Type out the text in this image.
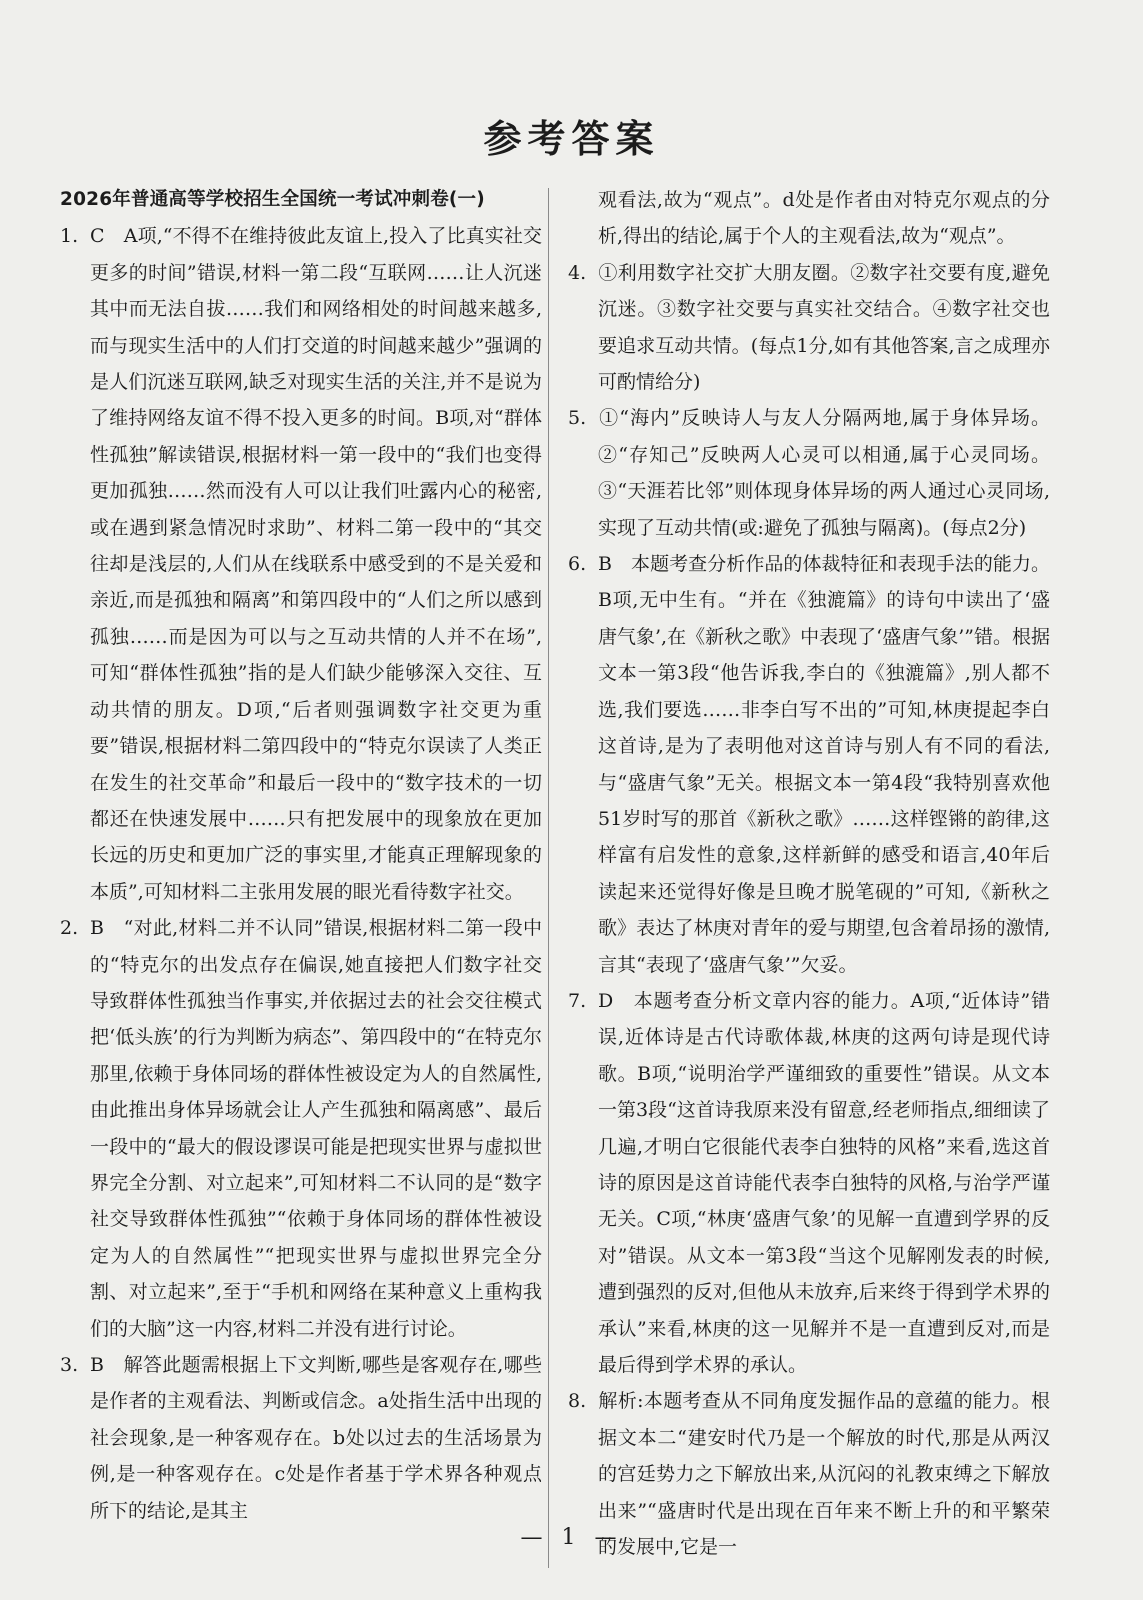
参考答案
2026年普通高等学校招生全国统一考试冲刺卷(一)

1. C　A项,“不得不在维持彼此友谊上,投入了比真实社交更多的时间”错误,材料一第二段“互联网……让人沉迷其中而无法自拔……我们和网络相处的时间越来越多,而与现实生活中的人们打交道的时间越来越少”强调的是人们沉迷互联网,缺乏对现实生活的关注,并不是说为了维持网络友谊不得不投入更多的时间。B项,对“群体性孤独”解读错误,根据材料一第一段中的“我们也变得更加孤独……然而没有人可以让我们吐露内心的秘密,或在遇到紧急情况时求助”、材料二第一段中的“其交往却是浅层的,人们从在线联系中感受到的不是关爱和亲近,而是孤独和隔离”和第四段中的“人们之所以感到孤独……而是因为可以与之互动共情的人并不在场”,可知“群体性孤独”指的是人们缺少能够深入交往、互动共情的朋友。D项,“后者则强调数字社交更为重要”错误,根据材料二第四段中的“特克尔误读了人类正在发生的社交革命”和最后一段中的“数字技术的一切都还在快速发展中……只有把发展中的现象放在更加长远的历史和更加广泛的事实里,才能真正理解现象的本质”,可知材料二主张用发展的眼光看待数字社交。

2. B　“对此,材料二并不认同”错误,根据材料二第一段中的“特克尔的出发点存在偏误,她直接把人们数字社交导致群体性孤独当作事实,并依据过去的社会交往模式把‘低头族’的行为判断为病态”、第四段中的“在特克尔那里,依赖于身体同场的群体性被设定为人的自然属性,由此推出身体异场就会让人产生孤独和隔离感”、最后一段中的“最大的假设谬误可能是把现实世界与虚拟世界完全分割、对立起来”,可知材料二不认同的是“数字社交导致群体性孤独”“依赖于身体同场的群体性被设定为人的自然属性”“把现实世界与虚拟世界完全分割、对立起来”,至于“手机和网络在某种意义上重构我们的大脑”这一内容,材料二并没有进行讨论。

3. B　解答此题需根据上下文判断,哪些是客观存在,哪些是作者的主观看法、判断或信念。a处指生活中出现的社会现象,是一种客观存在。b处以过去的生活场景为例,是一种客观存在。c处是作者基于学术界各种观点所下的结论,是其主

观看法,故为“观点”。d处是作者由对特克尔观点的分析,得出的结论,属于个人的主观看法,故为“观点”。

4. ①利用数字社交扩大朋友圈。②数字社交要有度,避免沉迷。③数字社交要与真实社交结合。④数字社交也要追求互动共情。(每点1分,如有其他答案,言之成理亦可酌情给分)

5. ①“海内”反映诗人与友人分隔两地,属于身体异场。②“存知己”反映两人心灵可以相通,属于心灵同场。③“天涯若比邻”则体现身体异场的两人通过心灵同场,实现了互动共情(或:避免了孤独与隔离)。(每点2分)

6. B　本题考查分析作品的体裁特征和表现手法的能力。B项,无中生有。“并在《独漉篇》的诗句中读出了‘盛唐气象’,在《新秋之歌》中表现了‘盛唐气象’”错。根据文本一第3段“他告诉我,李白的《独漉篇》,别人都不选,我们要选……非李白写不出的”可知,林庚提起李白这首诗,是为了表明他对这首诗与别人有不同的看法,与“盛唐气象”无关。根据文本一第4段“我特别喜欢他51岁时写的那首《新秋之歌》……这样铿锵的韵律,这样富有启发性的意象,这样新鲜的感受和语言,40年后读起来还觉得好像是旦晚才脱笔砚的”可知,《新秋之歌》表达了林庚对青年的爱与期望,包含着昂扬的激情,言其“表现了‘盛唐气象’”欠妥。

7. D　本题考查分析文章内容的能力。A项,“近体诗”错误,近体诗是古代诗歌体裁,林庚的这两句诗是现代诗歌。B项,“说明治学严谨细致的重要性”错误。从文本一第3段“这首诗我原来没有留意,经老师指点,细细读了几遍,才明白它很能代表李白独特的风格”来看,选这首诗的原因是这首诗能代表李白独特的风格,与治学严谨无关。C项,“林庚‘盛唐气象’的见解一直遭到学界的反对”错误。从文本一第3段“当这个见解刚发表的时候,遭到强烈的反对,但他从未放弃,后来终于得到学术界的承认”来看,林庚的这一见解并不是一直遭到反对,而是最后得到学术界的承认。

8. 解析:本题考查从不同角度发掘作品的意蕴的能力。根据文本二“建安时代乃是一个解放的时代,那是从两汉的宫廷势力之下解放出来,从沉闷的礼教束缚之下解放出来”“盛唐时代是出现在百年来不断上升的和平繁荣的发展中,它是一

— 1 —
